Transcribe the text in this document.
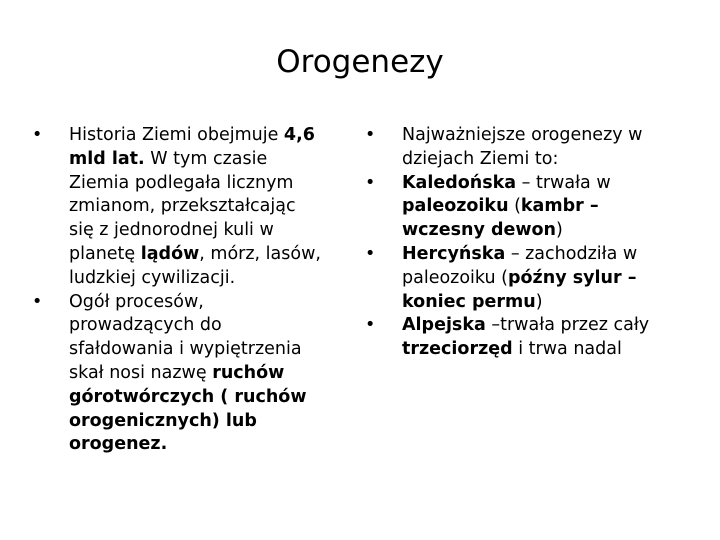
Orogenezy
•	Historia Ziemi obejmuje 4,6
mld lat. W tym czasie
Ziemia podlegała licznym
zmianom, przekształcając
się z jednorodnej kuli w
planetę lądów, mórz, lasów,
ludzkiej cywilizacji.
•	Ogół procesów,
prowadzących do
sfałdowania i wypiętrzenia
skał nosi nazwę ruchów
górotwórczych ( ruchów
orogenicznych) lub
orogenez.
•	Najważniejsze orogenezy w
dziejach Ziemi to:
•	Kaledońska – trwała w
paleozoiku (kambr –
wczesny dewon)
•	Hercyńska – zachodziła w
paleozoiku (późny sylur –
koniec permu)
•	Alpejska –trwała przez cały
trzeciorzęd i trwa nadal
